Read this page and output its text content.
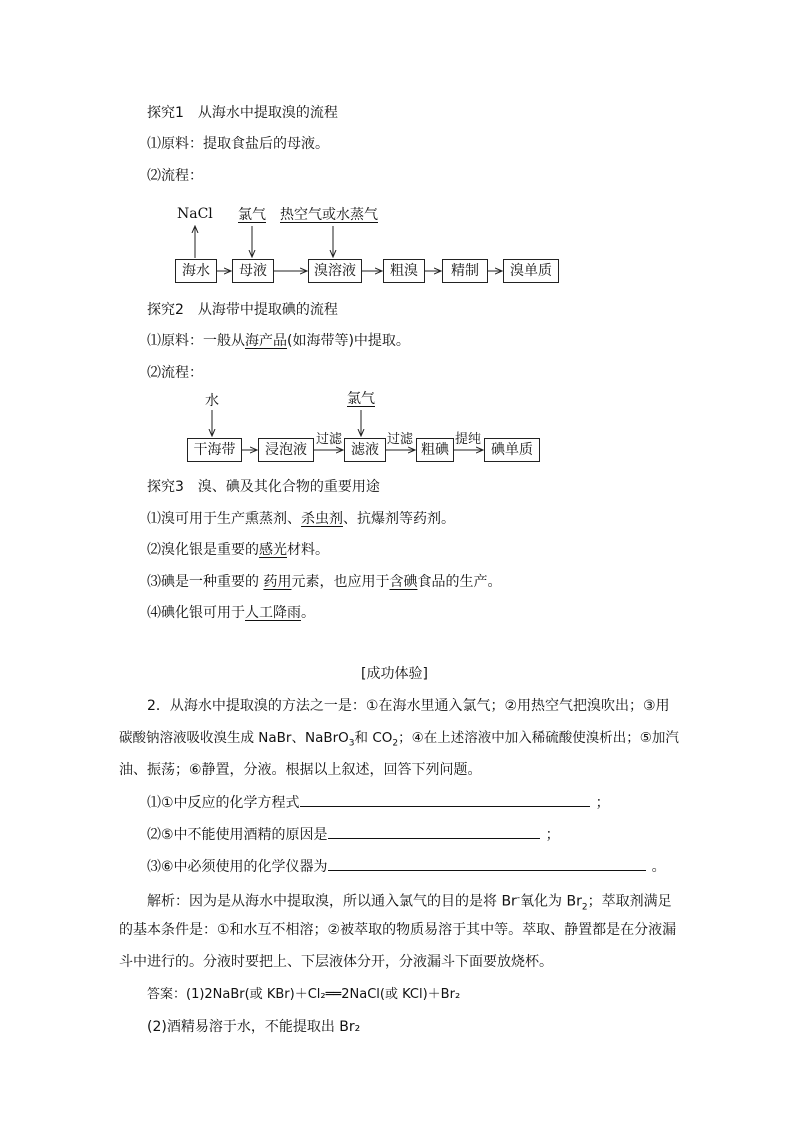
探究1　从海水中提取溴的流程
⑴原料：提取食盐后的母液。
⑵流程：
NaCl 氯气 热空气或水蒸气
海水	母液	溴溶液	粗溴	精制	溴单质
探究2　从海带中提取碘的流程
⑴原料：一般从海产品(如海带等)中提取。
⑵流程：
水	氯气
干海带	浸泡液	滤液	粗碘	碘单质
过滤	过滤	提纯
探究3　溴、碘及其化合物的重要用途
⑴溴可用于生产熏蒸剂、杀虫剂、抗爆剂等药剂。
⑵溴化银是重要的感光材料。
⑶碘是一种重要的 药用元素，也应用于含碘食品的生产。
⑷碘化银可用于人工降雨。
[成功体验]
2．从海水中提取溴的方法之一是：①在海水里通入氯气；②用热空气把溴吹出；③用
碳酸钠溶液吸收溴生成 NaBr、NaBrO$_3$和 $CO_2$；④在上述溶液中加入稀硫酸使溴析出；⑤加汽
油、振荡；⑥静置，分液。根据以上叙述，回答下列问题。
⑴①中反应的化学方程式	；
⑵⑤中不能使用酒精的原因是	；
⑶⑥中必须使用的化学仪器为	。
解析：因为是从海水中提取溴，所以通入氯气的目的是将 Br-氧化为 $Br_2$；萃取剂满足
的基本条件是：①和水互不相溶；②被萃取的物质易溶于其中等。萃取、静置都是在分液漏
斗中进行的。分液时要把上、下层液体分开，分液漏斗下面要放烧杯。
答案：(1)2NaBr(或 KBr)＋Cl₂══2NaCl(或 KCl)＋Br₂
(2)酒精易溶于水，不能提取出 Br₂
